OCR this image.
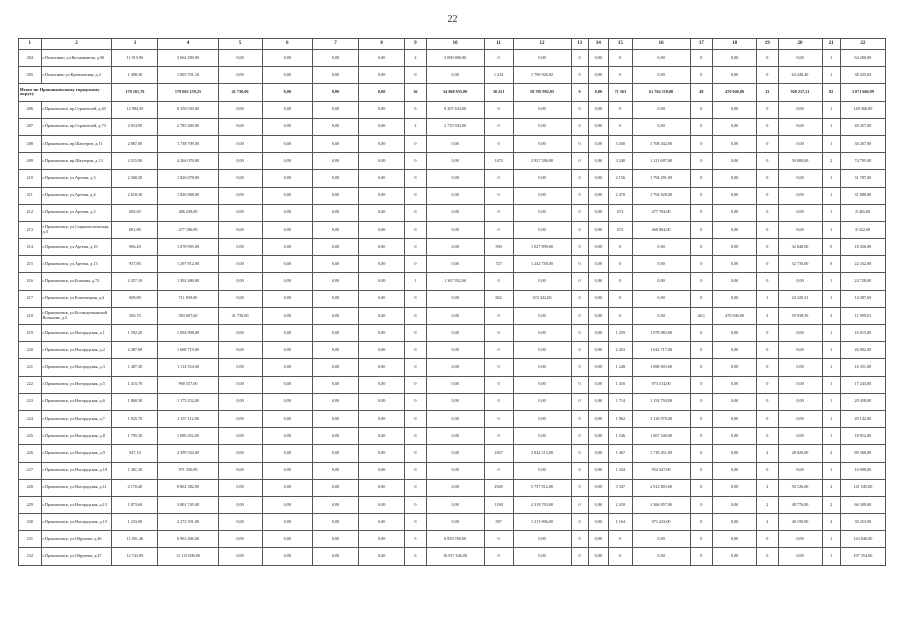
22
1	2	3	4	5	6	7	8	9	10	11	12	13	14	15	16	17	18	19	20	21	22
204	г.Полысаево, ул.Космонавтов, д.90	11 915,96	3 664 290,00	0,00	0,00	0,00	0,00	2	3 000 000,00	0	0,00	0	0,00	0	0,00	0	0,00	0	0,00	1	64 200,00
205	г.Полысаево ул.Кремлевская, д.2	1 498,30	1 803 701,16	0,00	0,00	0,00	0,00	0	0,00	1 232	1 790 926,92	0	0,00	0	0,00	0	0,00	0	64 448,40	1	38 325,84
Итого по Прокопьевскому городскому округу		179 101,70	179 063 159,25	41 730,00	0,00	0,00	0,00	36	54 068 955,00	30 221	58 705 092,05	0	0,00	71 363	61 764 518,00	40	470 940,00	33	920 237,21	82	3 071 666,99
206	г.Прокопьевск, пр.Строителей, д.49	12 984,50	8 356 030,00	0,00	0,00	0,00	0,00	6	8 207 634,00	0	0,00	0	0,00	0	0,00	0	0,00	0	0,00	1	148 366,00
207	г.Прокопьевск, пр.Строителей, д.73	4 914,90	2 785 400,00	0,00	0,00	0,00	0,00	2	2 735 943,00	0	0,00	0	0,00	0	0,00	0	0,00	0	0,00	1	49 457,00
208	г.Прокопьевск, пр.Шахтеров, д.11	2 887,00	1 738 709,00	0,00	0,00	0,00	0,00	0	0,00	0	0,00	0	0,00	3 450	1 708 442,00	0	0,00	0	0,00	1	30 267,00
209	г.Прокопьевск, пр.Шахтеров, д.13	4 315,90	4 264 070,00	0,00	0,00	0,00	0,00	0	0,00	1474	2 927 586,00	0	0,00	3 240	1 211 697,00	0	0,00	0	50 000,00	2	74 795,00
210	г.Прокопьевск, ул.Артема, д.3	2 368,30	1 826 078,00	0,00	0,00	0,00	0,00	0	0,00	0	0,00	0	0,00	2 156	1 794 291,00	0	0,00	0	0,00	1	31 787,00
211	г.Прокопьевск, ул.Артема, д.4	2 618,30	1 826 808,00	0,00	0,00	0,00	0,00	0	0,00	0	0,00	0	0,00	2 470	1 794 928,00	0	0,00	0	0,00	1	31 880,00
212	г.Прокопьевск, ул.Артема, д.5	685,60	486 249,00	0,00	0,00	0,00	0,00	0	0,00	0	0,00	0	0,00	672	477 784,00	0	0,00	0	0,00	1	8 465,00
213	г.Прокопьевск, ул.Социалистическая, д.4	681,80	477 186,00	0,00	0,00	0,00	0,00	0	0,00	0	0,00	0	0,00	672	468 864,00	0	0,00	0	0,00	1	8 322,00
214	г.Прокопьевск, ул.Артема, д.10	906,20	1 078 995,00	0,00	0,00	0,00	0,00	0	0,00	590	1 027 899,00	0	0,00	0	0,00	0	0,00	0	32 640,00	0	18 456,00
215	г.Прокопьевск, ул.Артема, д.13	937,80	1 297 912,00	0,00	0,00	0,00	0,00	0	0,00	727	1 242 750,00	0	0,00	0	0,00	0	0,00	0	32 730,00	0	22 432,00
216	г.Прокопьевск, ул.Есенина, д.72	2 457,10	1 392 480,00	0,00	0,00	0,00	0,00	1	1 367 952,00	0	0,00	0	0,00	0	0,00	0	0,00	0	0,00	1	24 728,00
217	г.Прокопьевск, ул.Климчецкая, д.4	608,80	711 039,00	0,00	0,00	0,00	0,00	0	0,00	602	672 322,00	0	0,00	0	0,00	0	0,00	1	24 329,31	1	14 387,69
218	г.Прокопьевск, ул.Космодемьянской Вольнова, д.3	500,70	583 607,60	41 730,00	0,00	0,00	0,00	0	0,00	0	0,00	0	0,00	0	0,00	40,1	470 940,00	2	59 938,59	2	11 999,01
219	г.Прокопьевск, ул.Ногорадская, д.1	1 392,20	1 094 998,00	0,00	0,00	0,00	0,00	0	0,00	0	0,00	0	0,00	1 259	1 078 983,00	0	0,00	0	0,00	1	16 015,00
220	г.Прокопьевск, ул.Ногорадская, д.2	2 487,90	1 668 719,00	0,00	0,00	0,00	0,00	0	0,00	0	0,00	0	0,00	2 453	1 642 717,00	0	0,00	0	0,00	1	26 002,00
221	г.Прокопьевск, ул.Ногорадская, д.3	1 407,30	1 114 354,00	0,00	0,00	0,00	0,00	0	0,00	0	0,00	0	0,00	1 248	1 098 003,00	0	0,00	0	0,00	1	16 351,00
222	г.Прокопьевск, ул.Ногорадская, д.5	1 415,70	990 557,00	0,00	0,00	0,00	0,00	0	0,00	0	0,00	0	0,00	1 416	973 314,00	0	0,00	0	0,00	1	17 243,00
223	г.Прокопьевск, ул.Ногорадская, д.6	1 860,30	1 175 252,00	0,00	0,00	0,00	0,00	0	0,00	0	0,00	0	0,00	1 714	1 154 794,00	0	0,00	0	0,00	1	20 458,00
224	г.Прокопьевск, ул.Ногорадская, д.7	1 925,70	1 157 112,00	0,00	0,00	0,00	0,00	0	0,00	0	0,00	0	0,00	1 962	1 136 970,00	0	0,00	0	0,00	1	20 142,00
225	г.Прокопьевск, ул.Ногорадская, д.8	1 795,30	1 086 452,00	0,00	0,00	0,00	0,00	0	0,00	0	0,00	0	0,00	1 546	1 067 540,00	0	0,00	0	0,00	1	18 912,00
226	г.Прокопьевск, ул.Ногорадская, д.9	947,10	4 399 354,00	0,00	0,00	0,00	0,00	0	0,00	1827	2 842 513,00	0	0,00	1 467	1 718 451,00	0	0,00	2	48 820,00	2	89 360,00
227	г.Прокопьевск, ул.Ногорадская, д.10	1 361,30	971 356,00	0,00	0,00	0,00	0,00	0	0,00	0	0,00	0	0,00	1 344	954 447,00	0	0,00	0	0,00	1	16 909,00
228	г.Прокопьевск, ул.Ногорадская, д.11	4 170,40	8 862 382,00	0,00	0,00	0,00	0,00	0	0,00	2920	5 737 912,00	0	0,00	3 347	2 912 803,00	0	0,00	2	50 126,00	2	141 545,00
229	г.Прокопьевск, ул.Ногорадская, д.13	1 873,60	3 801 745,00	0,00	0,00	0,00	0,00	0	0,00	1190	2 319 703,00	0	0,00	2 418	1 366 957,00	0	0,00	2	48 776,00	2	66 309,00
230	г.Прокопьевск, ул.Ногорадская, д.15	1 233,00	2 272 591,00	0,00	0,00	0,00	0,00	0	0,00	587	1 213 906,00	0	0,00	1 164	971 243,00	0	0,00	2	48 190,00	2	39 253,00
231	г.Прокопьевск, ул.Обручева, д.46	11 001,40	6 963 406,00	0,00	0,00	0,00	0,00	5	6 839 760,00	0	0,00	0	0,00	0	0,00	0	0,00	0	0,00	1	123 646,00
232	г.Прокопьевск, ул.Обручева, д.47	12 743,90	11 115 000,00	0,00	0,00	0,00	0,00	6	10 917 646,00	0	0,00	0	0,00	0	0,00	0	0,00	0	0,00	1	197 354,00
